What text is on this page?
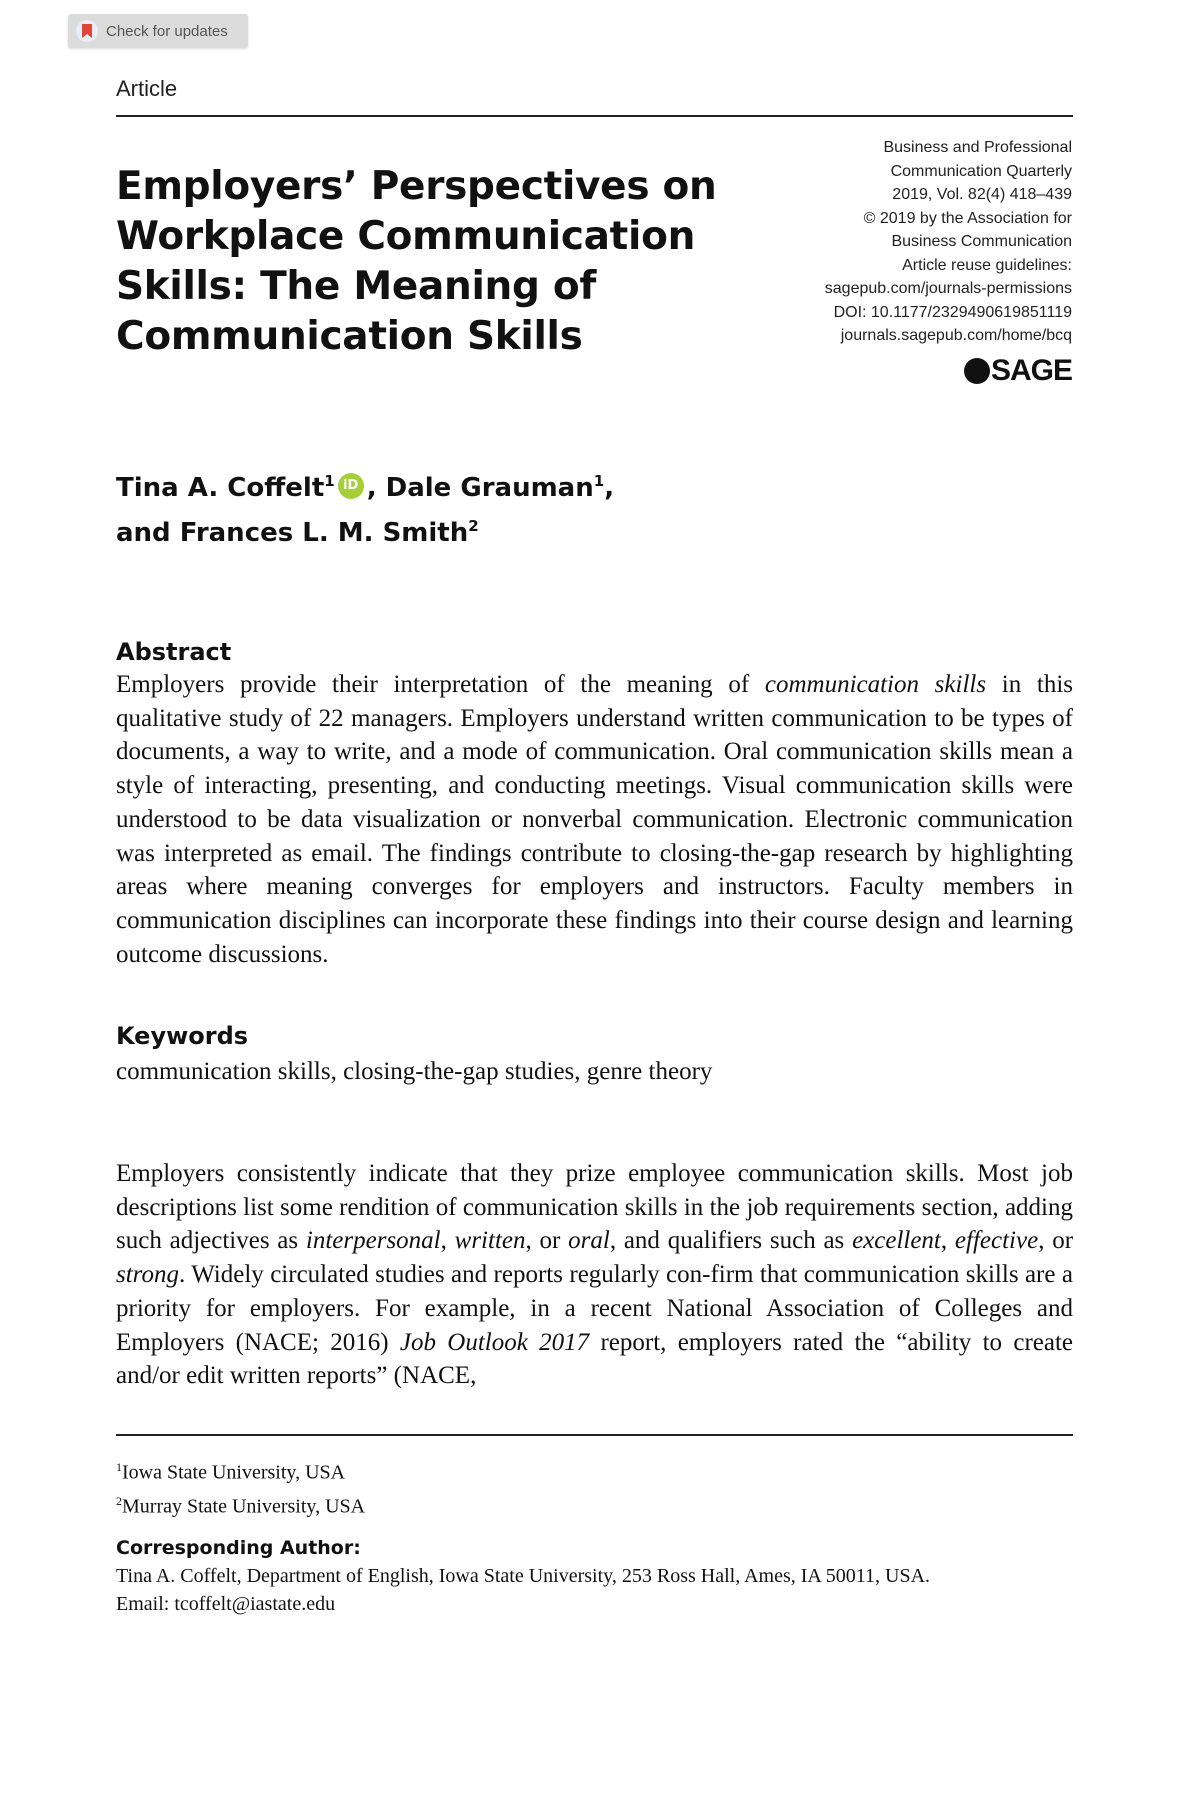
Check for updates
Article
Business and Professional
Communication Quarterly
2019, Vol. 82(4) 418–439
© 2019 by the Association for
Business Communication
Article reuse guidelines:
sagepub.com/journals-permissions
DOI: 10.1177/2329490619851119
journals.sagepub.com/home/bcq
SAGE
Employers’ Perspectives on Workplace Communication Skills: The Meaning of Communication Skills
Tina A. Coffelt$^1$iD , Dale Grauman$^1$,
and Frances L. M. Smith$^2$
Abstract
Employers provide their interpretation of the meaning of communication skills in this qualitative study of 22 managers. Employers understand written communication to be types of documents, a way to write, and a mode of communication. Oral communication skills mean a style of interacting, presenting, and conducting meetings. Visual communication skills were understood to be data visualization or nonverbal communication. Electronic communication was interpreted as email. The findings contribute to closing-the-gap research by highlighting areas where meaning converges for employers and instructors. Faculty members in communication disciplines can incorporate these findings into their course design and learning outcome discussions.
Keywords
communication skills, closing-the-gap studies, genre theory
Employers consistently indicate that they prize employee communication skills. Most job descriptions list some rendition of communication skills in the job requirements section, adding such adjectives as interpersonal, written, or oral, and qualifiers such as excellent, effective, or strong. Widely circulated studies and reports regularly con-firm that communication skills are a priority for employers. For example, in a recent National Association of Colleges and Employers (NACE; 2016) Job Outlook 2017 report, employers rated the “ability to create and/or edit written reports” (NACE,
$^1$Iowa State University, USA
$^2$Murray State University, USA
Corresponding Author:
Tina A. Coffelt, Department of English, Iowa State University, 253 Ross Hall, Ames, IA 50011, USA.
Email: tcoffelt@iastate.edu
